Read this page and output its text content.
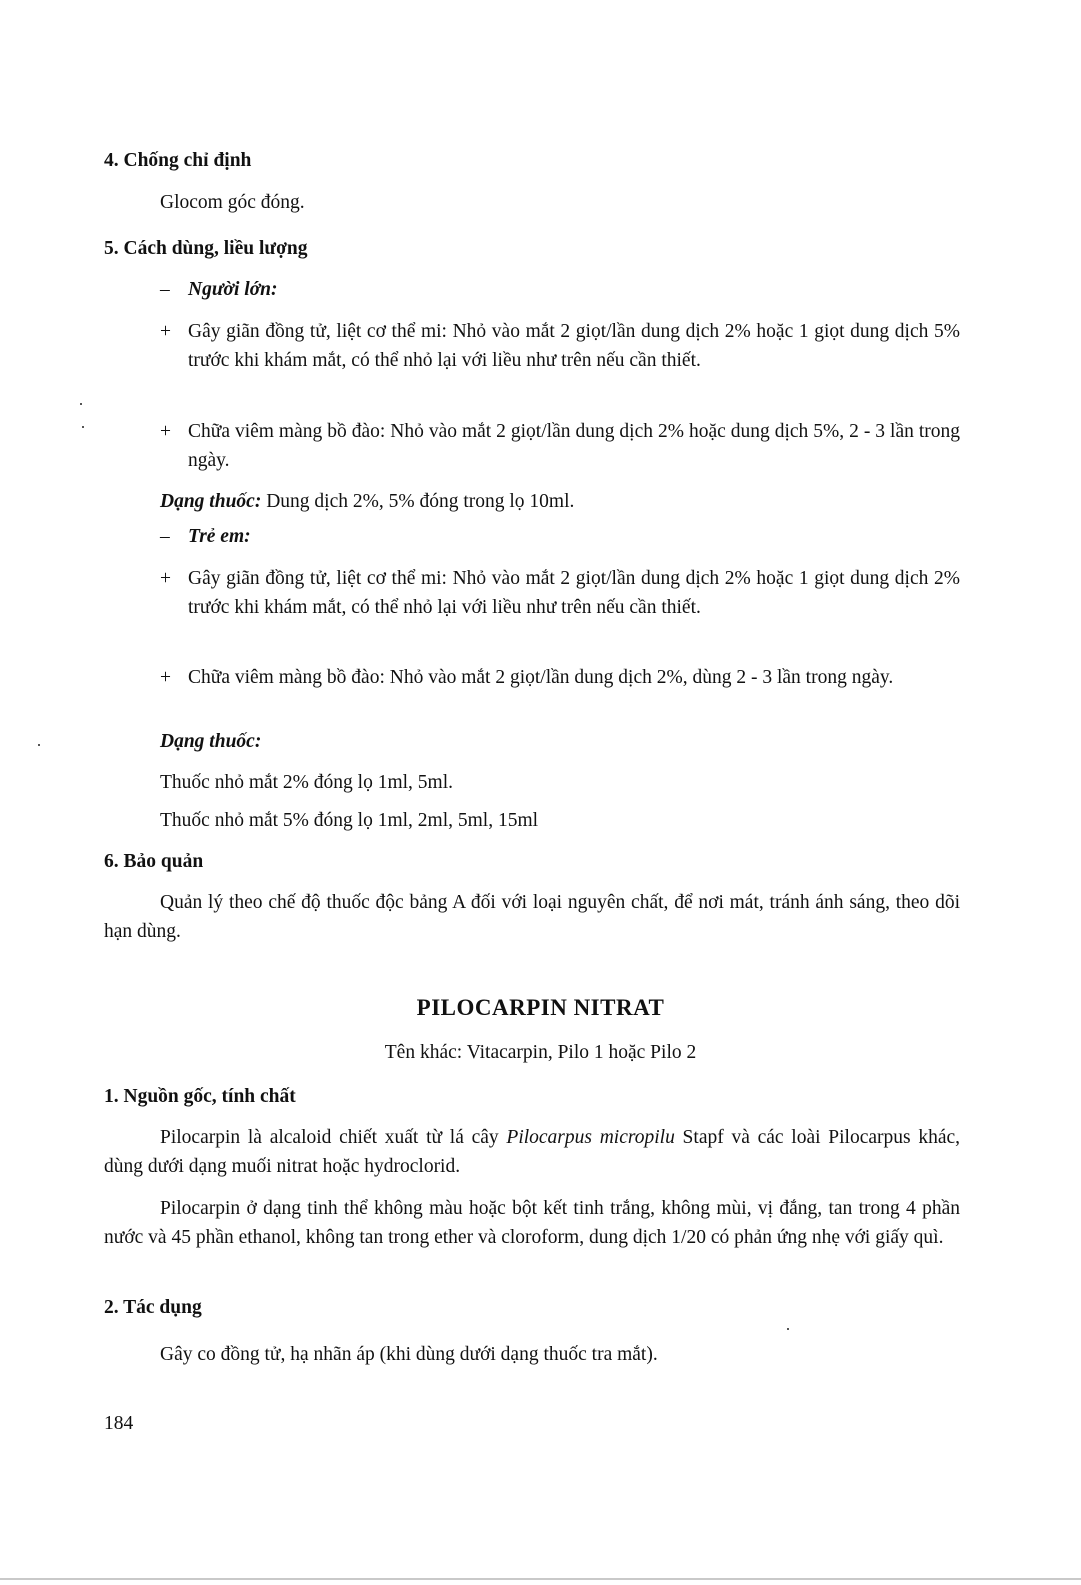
4. Chống chỉ định
Glocom góc đóng.
5. Cách dùng, liều lượng
– Người lớn:
+ Gây giãn đồng tử, liệt cơ thể mi: Nhỏ vào mắt 2 giọt/lần dung dịch 2% hoặc 1 giọt dung dịch 5% trước khi khám mắt, có thể nhỏ lại với liều như trên nếu cần thiết.
+ Chữa viêm màng bồ đào: Nhỏ vào mắt 2 giọt/lần dung dịch 2% hoặc dung dịch 5%, 2 - 3 lần trong ngày.
Dạng thuốc: Dung dịch 2%, 5% đóng trong lọ 10ml.
– Trẻ em:
+ Gây giãn đồng tử, liệt cơ thể mi: Nhỏ vào mắt 2 giọt/lần dung dịch 2% hoặc 1 giọt dung dịch 2% trước khi khám mắt, có thể nhỏ lại với liều như trên nếu cần thiết.
+ Chữa viêm màng bồ đào: Nhỏ vào mắt 2 giọt/lần dung dịch 2%, dùng 2 - 3 lần trong ngày.
Dạng thuốc:
Thuốc nhỏ mắt 2% đóng lọ 1ml, 5ml.
Thuốc nhỏ mắt 5% đóng lọ 1ml, 2ml, 5ml, 15ml
6. Bảo quản
Quản lý theo chế độ thuốc độc bảng A đối với loại nguyên chất, để nơi mát, tránh ánh sáng, theo dõi hạn dùng.
PILOCARPIN NITRAT
Tên khác: Vitacarpin, Pilo 1 hoặc Pilo 2
1. Nguồn gốc, tính chất
Pilocarpin là alcaloid chiết xuất từ lá cây Pilocarpus micropilu Stapf và các loài Pilocarpus khác, dùng dưới dạng muối nitrat hoặc hydroclorid.
Pilocarpin ở dạng tinh thể không màu hoặc bột kết tinh trắng, không mùi, vị đắng, tan trong 4 phần nước và 45 phần ethanol, không tan trong ether và cloroform, dung dịch 1/20 có phản ứng nhẹ với giấy quì.
2. Tác dụng
Gây co đồng tử, hạ nhãn áp (khi dùng dưới dạng thuốc tra mắt).
184
